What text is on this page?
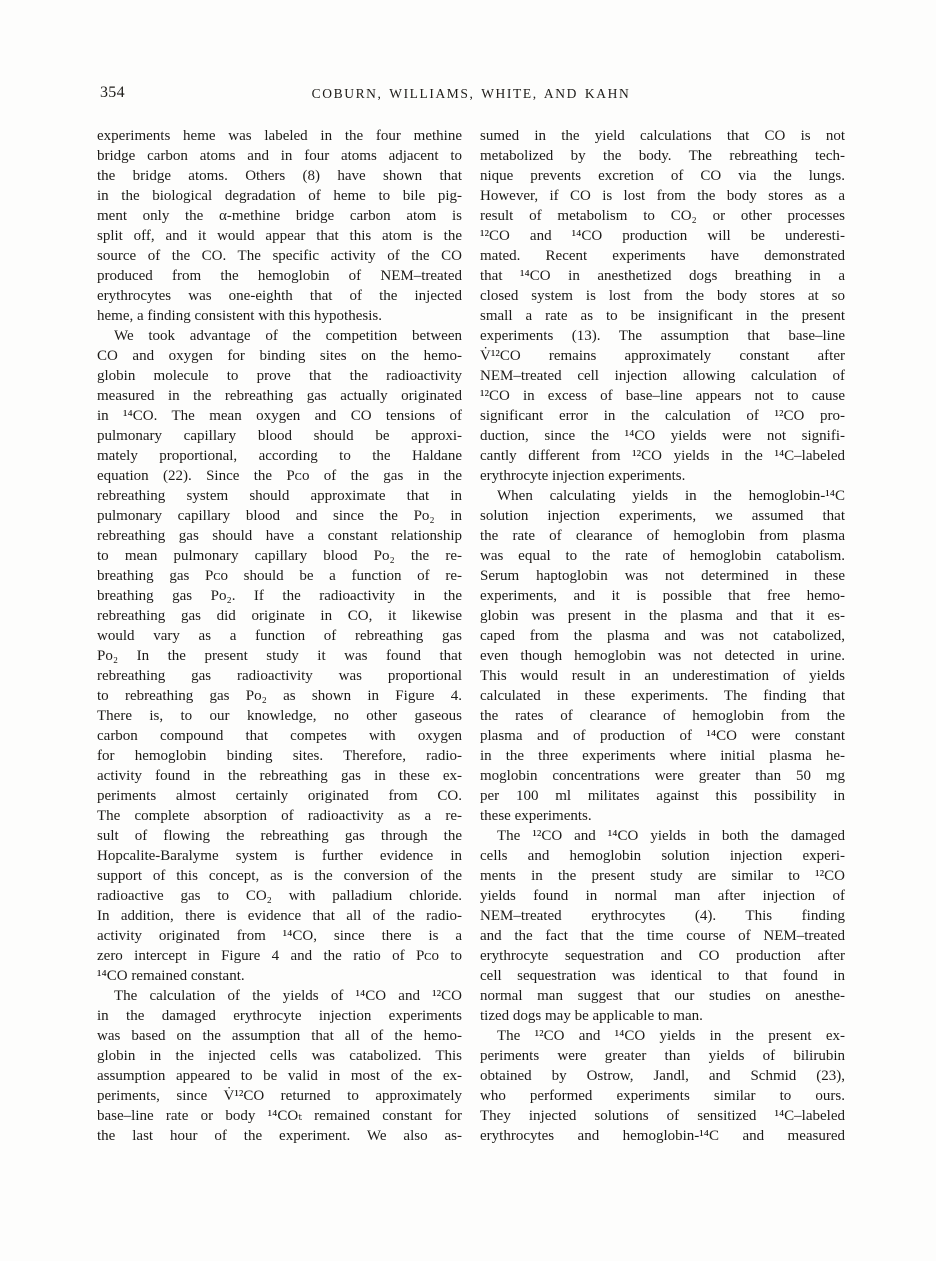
354	COBURN, WILLIAMS, WHITE, AND KAHN
experiments heme was labeled in the four methine
bridge carbon atoms and in four atoms adjacent to
the bridge atoms. Others (8) have shown that
in the biological degradation of heme to bile pig-
ment only the α-methine bridge carbon atom is
split off, and it would appear that this atom is the
source of the CO. The specific activity of the CO
produced from the hemoglobin of NEM–treated
erythrocytes was one-eighth that of the injected
heme, a finding consistent with this hypothesis.
We took advantage of the competition between
CO and oxygen for binding sites on the hemo-
globin molecule to prove that the radioactivity
measured in the rebreathing gas actually originated
in ¹⁴CO. The mean oxygen and CO tensions of
pulmonary capillary blood should be approxi-
mately proportional, according to the Haldane
equation (22). Since the Pᴄᴏ of the gas in the
rebreathing system should approximate that in
pulmonary capillary blood and since the Pᴏ₂ in
rebreathing gas should have a constant relationship
to mean pulmonary capillary blood Pᴏ₂ the re-
breathing gas Pᴄᴏ should be a function of re-
breathing gas Pᴏ₂. If the radioactivity in the
rebreathing gas did originate in CO, it likewise
would vary as a function of rebreathing gas
Pᴏ₂ In the present study it was found that
rebreathing gas radioactivity was proportional
to rebreathing gas Pᴏ₂ as shown in Figure 4.
There is, to our knowledge, no other gaseous
carbon compound that competes with oxygen
for hemoglobin binding sites. Therefore, radio-
activity found in the rebreathing gas in these ex-
periments almost certainly originated from CO.
The complete absorption of radioactivity as a re-
sult of flowing the rebreathing gas through the
Hopcalite-Baralyme system is further evidence in
support of this concept, as is the conversion of the
radioactive gas to CO₂ with palladium chloride.
In addition, there is evidence that all of the radio-
activity originated from ¹⁴CO, since there is a
zero intercept in Figure 4 and the ratio of Pᴄᴏ to
¹⁴CO remained constant.
The calculation of the yields of ¹⁴CO and ¹²CO
in the damaged erythrocyte injection experiments
was based on the assumption that all of the hemo-
globin in the injected cells was catabolized. This
assumption appeared to be valid in most of the ex-
periments, since V̇¹²CO returned to approximately
base–line rate or body ¹⁴COₜ remained constant for
the last hour of the experiment. We also as-
sumed in the yield calculations that CO is not
metabolized by the body. The rebreathing tech-
nique prevents excretion of CO via the lungs.
However, if CO is lost from the body stores as a
result of metabolism to CO₂ or other processes
¹²CO and ¹⁴CO production will be underesti-
mated. Recent experiments have demonstrated
that ¹⁴CO in anesthetized dogs breathing in a
closed system is lost from the body stores at so
small a rate as to be insignificant in the present
experiments (13). The assumption that base–line
V̇¹²CO remains approximately constant after
NEM–treated cell injection allowing calculation of
¹²CO in excess of base–line appears not to cause
significant error in the calculation of ¹²CO pro-
duction, since the ¹⁴CO yields were not signifi-
cantly different from ¹²CO yields in the ¹⁴C–labeled
erythrocyte injection experiments.
When calculating yields in the hemoglobin-¹⁴C
solution injection experiments, we assumed that
the rate of clearance of hemoglobin from plasma
was equal to the rate of hemoglobin catabolism.
Serum haptoglobin was not determined in these
experiments, and it is possible that free hemo-
globin was present in the plasma and that it es-
caped from the plasma and was not catabolized,
even though hemoglobin was not detected in urine.
This would result in an underestimation of yields
calculated in these experiments. The finding that
the rates of clearance of hemoglobin from the
plasma and of production of ¹⁴CO were constant
in the three experiments where initial plasma he-
moglobin concentrations were greater than 50 mg
per 100 ml militates against this possibility in
these experiments.
The ¹²CO and ¹⁴CO yields in both the damaged
cells and hemoglobin solution injection experi-
ments in the present study are similar to ¹²CO
yields found in normal man after injection of
NEM–treated erythrocytes (4). This finding
and the fact that the time course of NEM–treated
erythrocyte sequestration and CO production after
cell sequestration was identical to that found in
normal man suggest that our studies on anesthe-
tized dogs may be applicable to man.
The ¹²CO and ¹⁴CO yields in the present ex-
periments were greater than yields of bilirubin
obtained by Ostrow, Jandl, and Schmid (23),
who performed experiments similar to ours.
They injected solutions of sensitized ¹⁴C–labeled
erythrocytes and hemoglobin-¹⁴C and measured
